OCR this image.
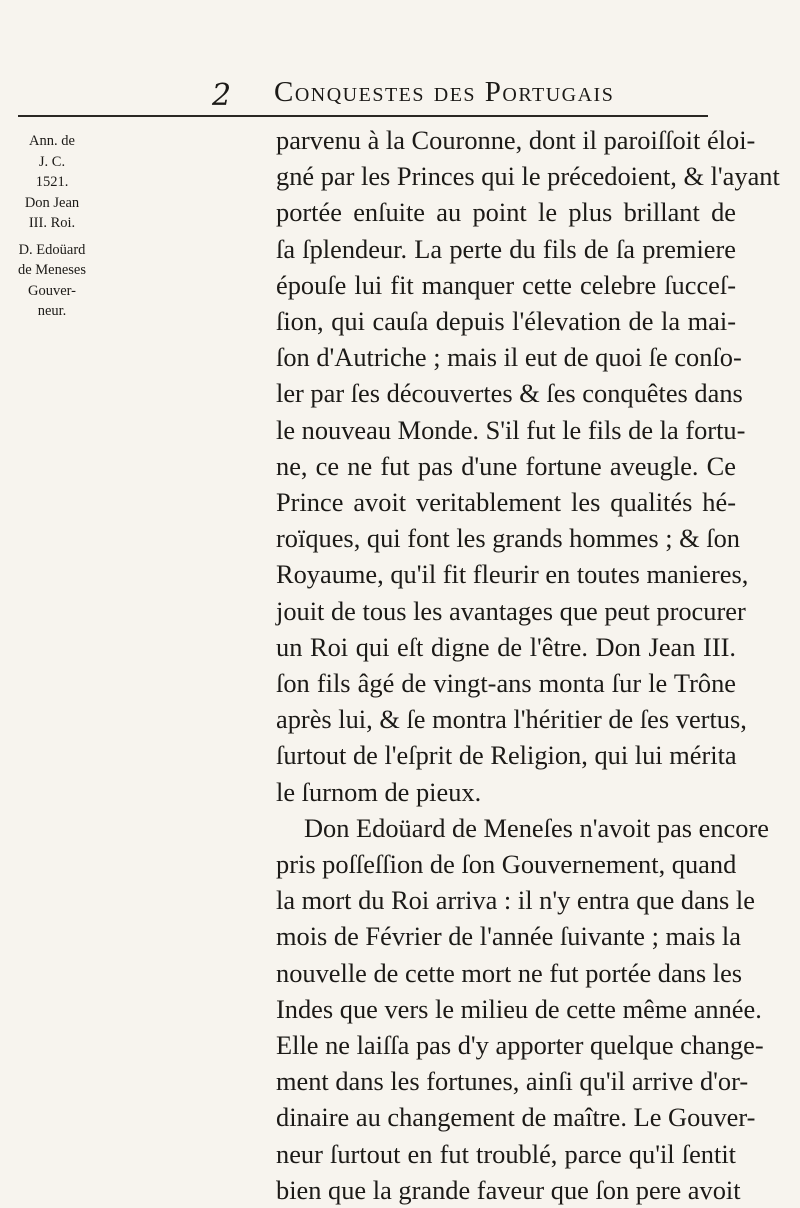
2 Conquestes des Portugais
Ann. de
J. C.
1521.
Don Jean
III. Roi.
D. Edoüard
de Meneses
Gouver-
neur.

parvenu à la Couronne, dont il paroiſſoit éloi-
gné par les Princes qui le précedoient, & l'ayant
portée enſuite au point le plus brillant de
ſa ſplendeur. La perte du fils de ſa premiere
épouſe lui fit manquer cette celebre ſucceſ-
ſion, qui cauſa depuis l'élevation de la mai-
ſon d'Autriche ; mais il eut de quoi ſe conſo-
ler par ſes découvertes & ſes conquêtes dans
le nouveau Monde. S'il fut le fils de la fortu-
ne, ce ne fut pas d'une fortune aveugle. Ce
Prince avoit veritablement les qualités hé-
roïques, qui font les grands hommes ; & ſon
Royaume, qu'il fit fleurir en toutes manieres,
jouit de tous les avantages que peut procurer
un Roi qui eſt digne de l'être. Don Jean III.
ſon fils âgé de vingt-ans monta ſur le Trône
après lui, & ſe montra l'héritier de ſes vertus,
ſurtout de l'eſprit de Religion, qui lui mérita
le ſurnom de pieux.

Don Edoüard de Meneſes n'avoit pas encore
pris poſſeſſion de ſon Gouvernement, quand
la mort du Roi arriva : il n'y entra que dans le
mois de Février de l'année ſuivante ; mais la
nouvelle de cette mort ne fut portée dans les
Indes que vers le milieu de cette même année.
Elle ne laiſſa pas d'y apporter quelque change-
ment dans les fortunes, ainſi qu'il arrive d'or-
dinaire au changement de maître. Le Gouver-
neur ſurtout en fut troublé, parce qu'il ſentit
bien que la grande faveur que ſon pere avoit
